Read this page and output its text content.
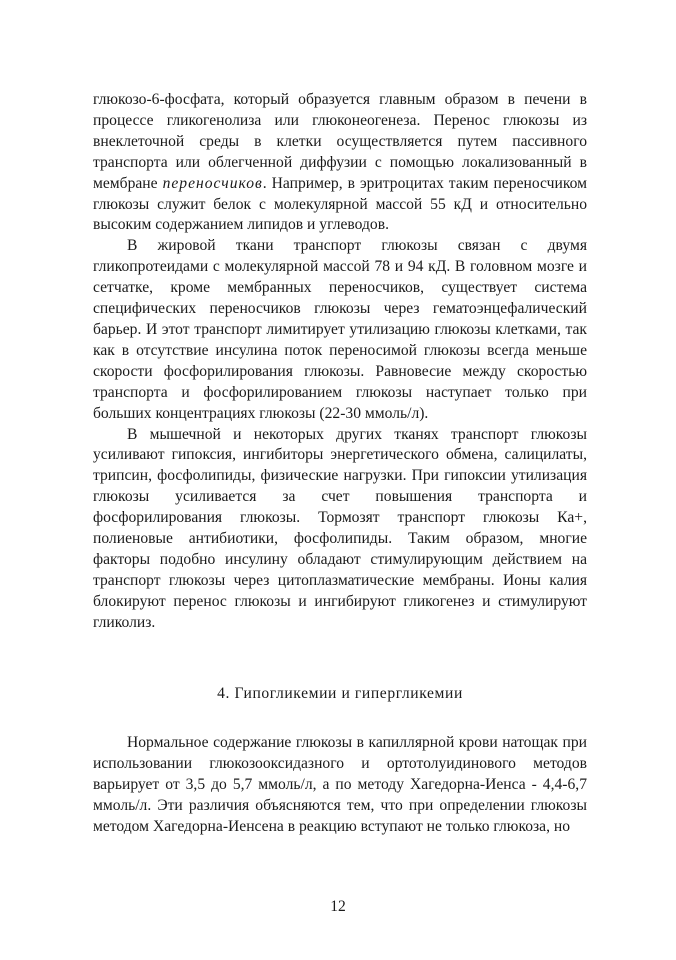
глюкозо-6-фосфата, который образуется главным образом в печени в процессе гликогенолиза или глюконеогенеза. Перенос глюкозы из внеклеточной среды в клетки осуществляется путем пассивного транспорта или облегченной диффузии с помощью локализованный в мембране переносчиков. Например, в эритроцитах таким переносчиком глюкозы служит белок с молекулярной массой 55 кД и относительно высоким содержанием липидов и углеводов.

В жировой ткани транспорт глюкозы связан с двумя гликопротеидами с молекулярной массой 78 и 94 кД. В головном мозге и сетчатке, кроме мембранных переносчиков, существует система специфических переносчиков глюкозы через гематоэнцефалический барьер. И этот транспорт лимитирует утилизацию глюкозы клетками, так как в отсутствие инсулина поток переносимой глюкозы всегда меньше скорости фосфорилирования глюкозы. Равновесие между скоростью транспорта и фосфорилированием глюкозы наступает только при больших концентрациях глюкозы (22-30 ммоль/л).

В мышечной и некоторых других тканях транспорт глюкозы усиливают гипоксия, ингибиторы энергетического обмена, салицилаты, трипсин, фосфолипиды, физические нагрузки. При гипоксии утилизация глюкозы усиливается за счет повышения транспорта и фосфорилирования глюкозы. Тормозят транспорт глюкозы Ка+, полиеновые антибиотики, фосфолипиды. Таким образом, многие факторы подобно инсулину обладают стимулирующим действием на транспорт глюкозы через цитоплазматические мембраны. Ионы калия блокируют перенос глюкозы и ингибируют гликогенез и стимулируют гликолиз.

4. Гипогликемии и гипергликемии

Нормальное содержание глюкозы в капиллярной крови натощак при использовании глюкозооксидазного и ортотолуидинового методов варьирует от 3,5 до 5,7 ммоль/л, а по методу Хагедорна-Иенса - 4,4-6,7 ммоль/л. Эти различия объясняются тем, что при определении глюкозы методом Хагедорна-Иенсена в реакцию вступают не только глюкоза, но

12
